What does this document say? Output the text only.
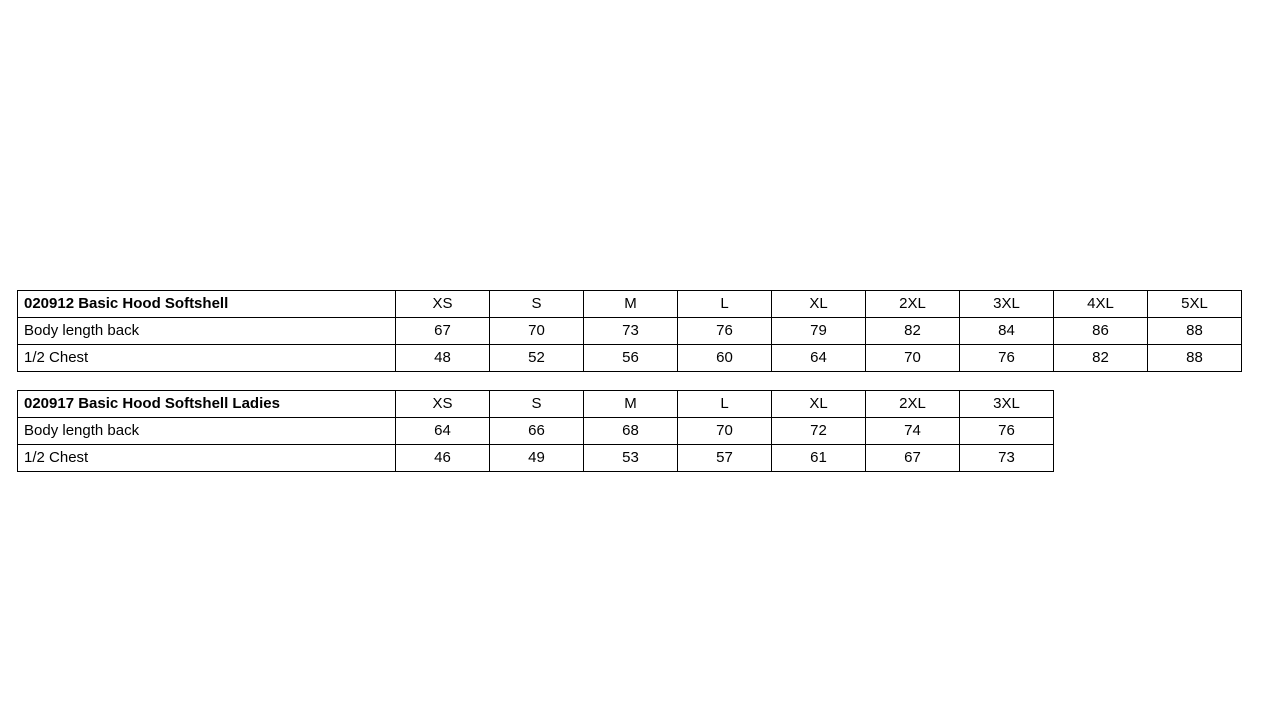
020912 Basic Hood Softshell	XS	S	M	L	XL	2XL	3XL	4XL	5XL
Body length back	67	70	73	76	79	82	84	86	88
1/2 Chest	48	52	56	60	64	70	76	82	88
020917 Basic Hood Softshell Ladies	XS	S	M	L	XL	2XL	3XL
Body length back	64	66	68	70	72	74	76
1/2 Chest	46	49	53	57	61	67	73
